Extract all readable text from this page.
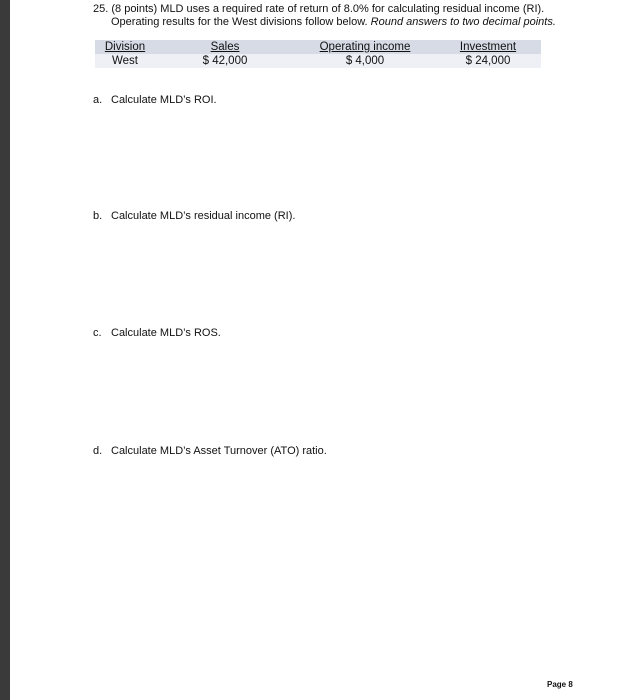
25. (8 points) MLD uses a required rate of return of 8.0% for calculating residual income (RI).
Operating results for the West divisions follow below. Round answers to two decimal points.
Division	Sales	Operating income	Investment
West	$ 42,000	$ 4,000	$ 24,000
a. Calculate MLD’s ROI.
b. Calculate MLD’s residual income (RI).
c. Calculate MLD’s ROS.
d. Calculate MLD’s Asset Turnover (ATO) ratio.
Page 8
